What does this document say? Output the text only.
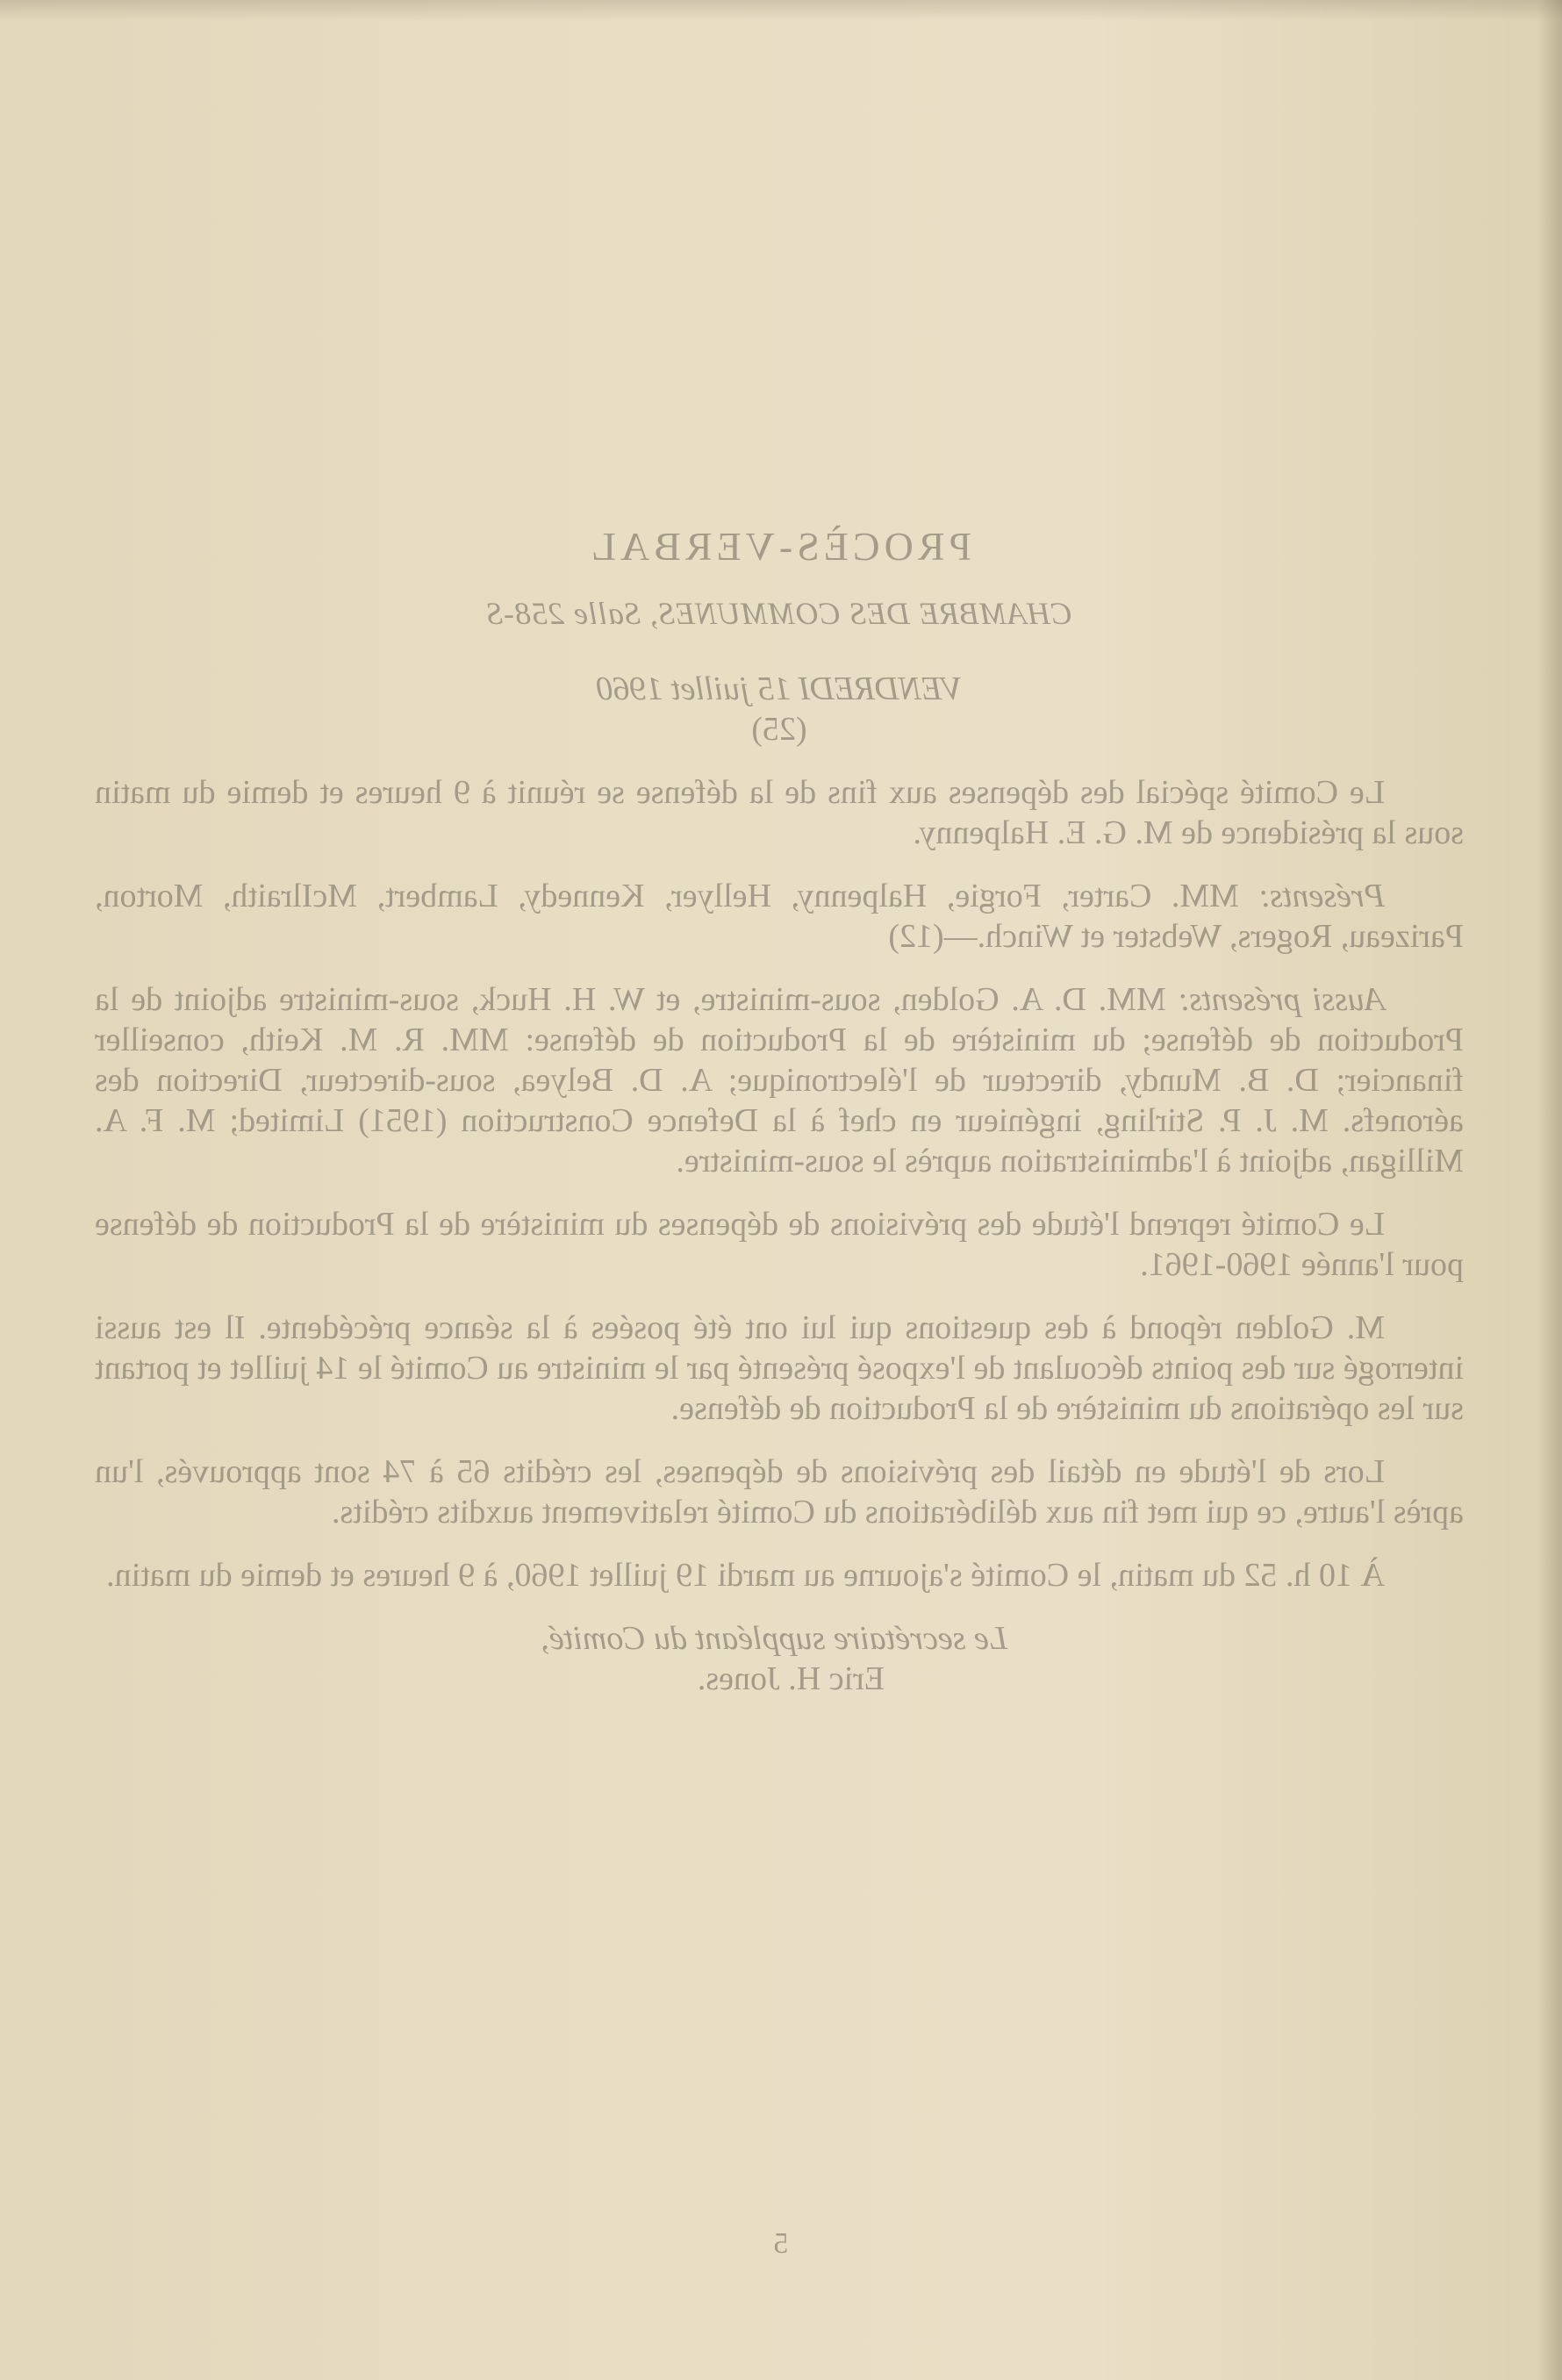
PROCÈS-VERBAL
CHAMBRE DES COMMUNES, Salle 258-S
VENDREDI 15 juillet 1960
(25)

Le Comité spécial des dépenses aux fins de la défense se réunit à 9 heures et demie du matin sous la présidence de M. G. E. Halpenny.

Présents: MM. Carter, Forgie, Halpenny, Hellyer, Kennedy, Lambert, McIlraith, Morton, Parizeau, Rogers, Webster et Winch.—(12)

Aussi présents: MM. D. A. Golden, sous-ministre, et W. H. Huck, sous-ministre adjoint de la Production de défense; du ministère de la Production de défense: MM. R. M. Keith, conseiller financier; D. B. Mundy, directeur de l'électronique; A. D. Belyea, sous-directeur, Direction des aéronefs. M. J. P. Stirling, ingénieur en chef à la Defence Construction (1951) Limited; M. F. A. Milligan, adjoint à l'administration auprès le sous-ministre.

Le Comité reprend l'étude des prévisions de dépenses du ministère de la Production de défense pour l'année 1960-1961.

M. Golden répond à des questions qui lui ont été posées à la séance précédente. Il est aussi interrogé sur des points découlant de l'exposé présenté par le ministre au Comité le 14 juillet et portant sur les opérations du ministère de la Production de défense.

Lors de l'étude en détail des prévisions de dépenses, les crédits 65 à 74 sont approuvés, l'un après l'autre, ce qui met fin aux délibérations du Comité relativement auxdits crédits.

À 10 h. 52 du matin, le Comité s'ajourne au mardi 19 juillet 1960, à 9 heures et demie du matin.

Le secrétaire suppléant du Comité,
Eric H. Jones.
5
